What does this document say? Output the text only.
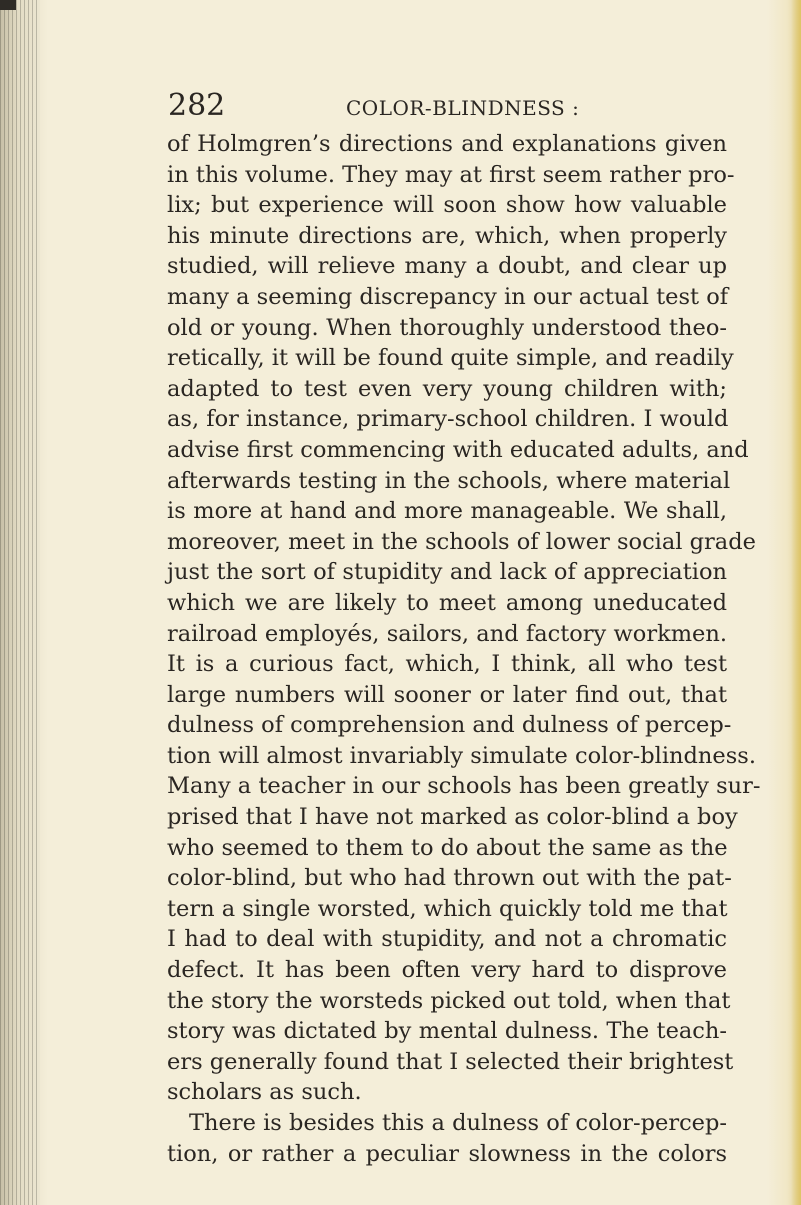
282	COLOR-BLINDNESS :
of Holmgren’s directions and explanations given
in this volume. They may at first seem rather pro-
lix; but experience will soon show how valuable
his minute directions are, which, when properly
studied, will relieve many a doubt, and clear up
many a seeming discrepancy in our actual test of
old or young. When thoroughly understood theo-
retically, it will be found quite simple, and readily
adapted to test even very young children with;
as, for instance, primary-school children. I would
advise first commencing with educated adults, and
afterwards testing in the schools, where material
is more at hand and more manageable. We shall,
moreover, meet in the schools of lower social grade
just the sort of stupidity and lack of appreciation
which we are likely to meet among uneducated
railroad employés, sailors, and factory workmen.
It is a curious fact, which, I think, all who test
large numbers will sooner or later find out, that
dulness of comprehension and dulness of percep-
tion will almost invariably simulate color-blindness.
Many a teacher in our schools has been greatly sur-
prised that I have not marked as color-blind a boy
who seemed to them to do about the same as the
color-blind, but who had thrown out with the pat-
tern a single worsted, which quickly told me that
I had to deal with stupidity, and not a chromatic
defect. It has been often very hard to disprove
the story the worsteds picked out told, when that
story was dictated by mental dulness. The teach-
ers generally found that I selected their brightest
scholars as such.
There is besides this a dulness of color-percep-
tion, or rather a peculiar slowness in the colors
